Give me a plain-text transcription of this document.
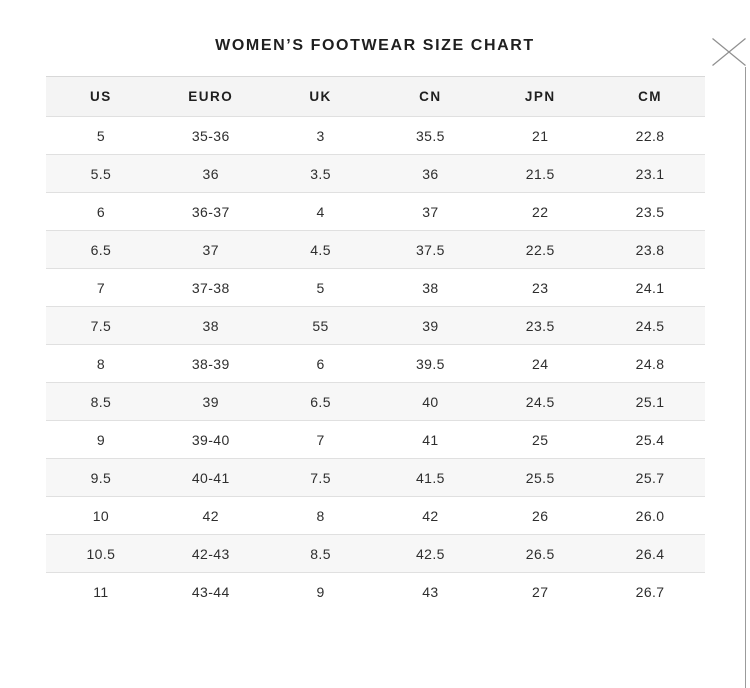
WOMEN’S FOOTWEAR SIZE CHART
US	EURO	UK	CN	JPN	CM
5	35-36	3	35.5	21	22.8
5.5	36	3.5	36	21.5	23.1
6	36-37	4	37	22	23.5
6.5	37	4.5	37.5	22.5	23.8
7	37-38	5	38	23	24.1
7.5	38	55	39	23.5	24.5
8	38-39	6	39.5	24	24.8
8.5	39	6.5	40	24.5	25.1
9	39-40	7	41	25	25.4
9.5	40-41	7.5	41.5	25.5	25.7
10	42	8	42	26	26.0
10.5	42-43	8.5	42.5	26.5	26.4
11	43-44	9	43	27	26.7
